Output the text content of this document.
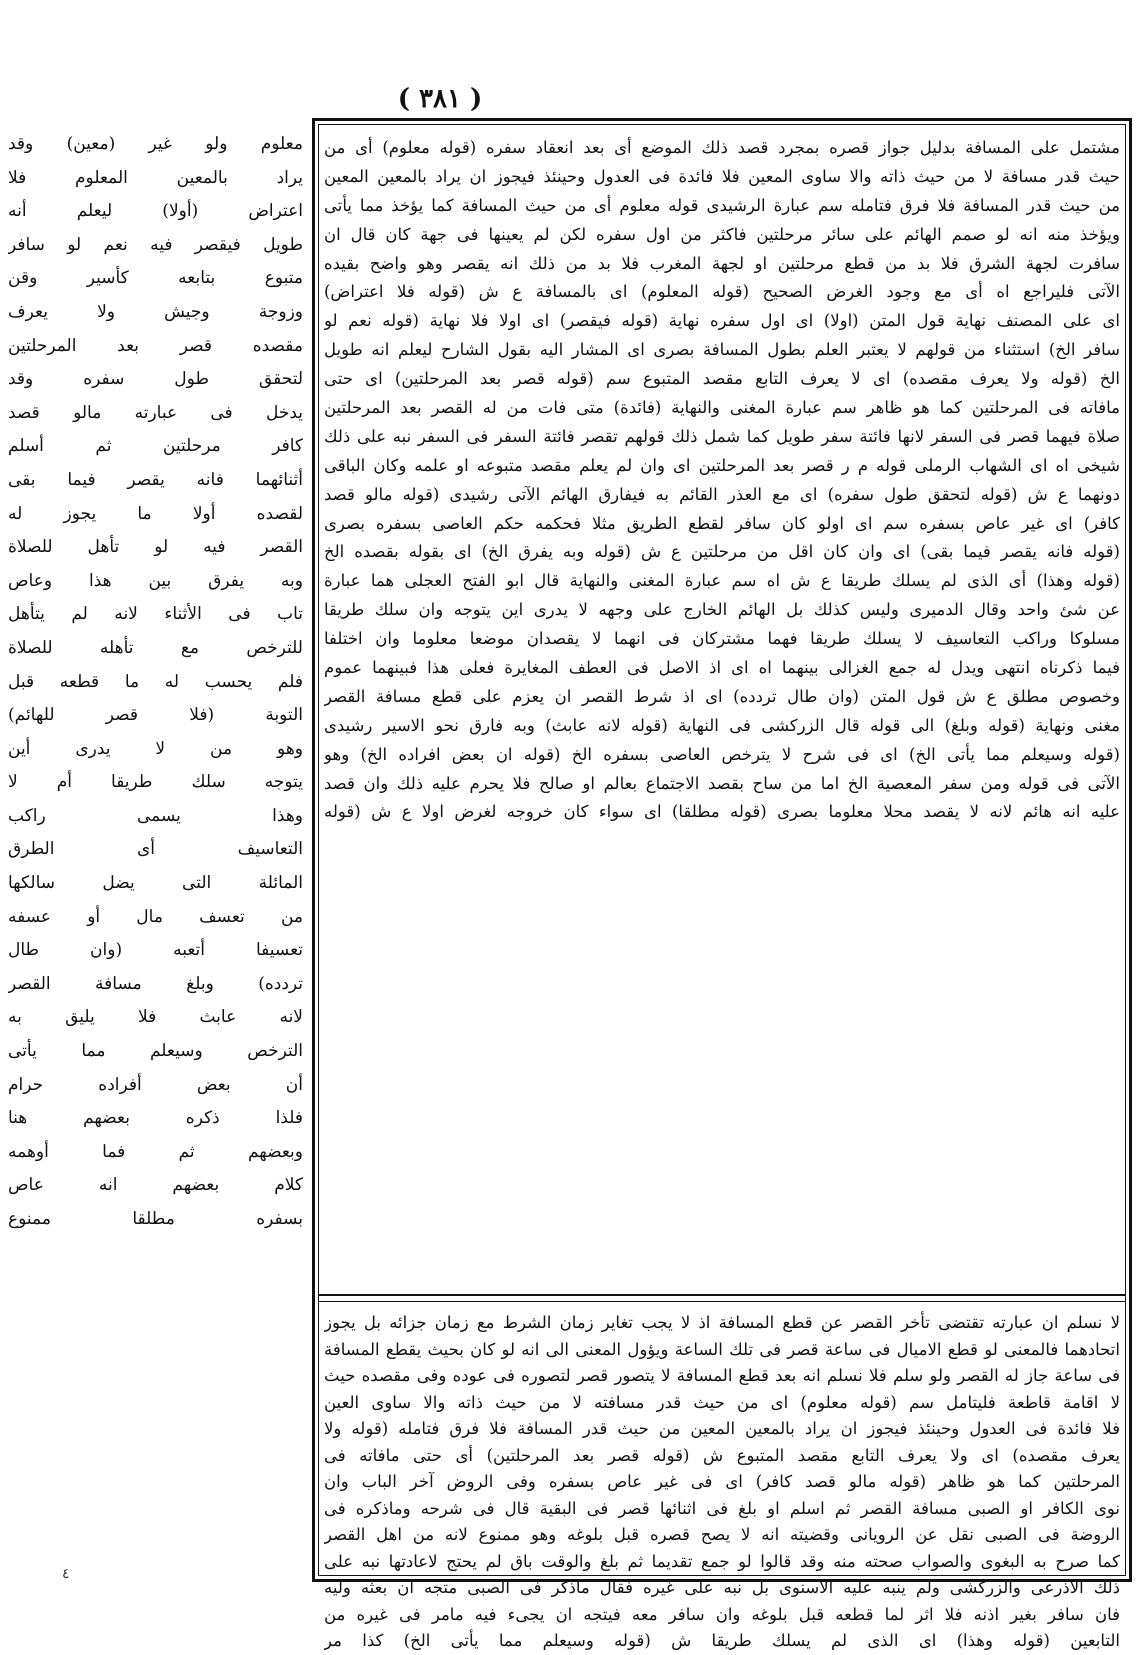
( ٣٨١ )
مشتمل على المسافة بدليل جواز قصره بمجرد قصد ذلك الموضع أى بعد انعقاد سفره (قوله معلوم) أى من
حيث قدر مسافة لا من حيث ذاته والا ساوى المعين فلا فائدة فى العدول وحينئذ فيجوز ان يراد بالمعين المعين
من حيث قدر المسافة فلا فرق فتامله سم عبارة الرشيدى قوله معلوم أى من حيث المسافة كما يؤخذ مما يأتى
ويؤخذ منه انه لو صمم الهائم على سائر مرحلتين فاكثر من اول سفره لكن لم يعينها فى جهة كان قال ان
سافرت لجهة الشرق فلا بد من قطع مرحلتين او لجهة المغرب فلا بد من ذلك انه يقصر وهو واضح بقيده
الآتى فليراجع اه أى مع وجود الغرض الصحيح (قوله المعلوم) اى بالمسافة ع ش (قوله فلا اعتراض)
اى على المصنف نهاية قول المتن (اولا) اى اول سفره نهاية (قوله فيقصر) اى اولا فلا نهاية (قوله نعم لو
سافر الخ) استثناء من قولهم لا يعتبر العلم بطول المسافة بصرى اى المشار اليه بقول الشارح ليعلم انه طويل
الخ (قوله ولا يعرف مقصده) اى لا يعرف التابع مقصد المتبوع سم (قوله قصر بعد المرحلتين) اى حتى
مافاته فى المرحلتين كما هو ظاهر سم عبارة المغنى والنهاية (فائدة) متى فات من له القصر بعد المرحلتين
صلاة فيهما قصر فى السفر لانها فائتة سفر طويل كما شمل ذلك قولهم تقصر فائتة السفر فى السفر نبه على ذلك
شيخى اه اى الشهاب الرملى قوله م ر قصر بعد المرحلتين اى وان لم يعلم مقصد متبوعه او علمه وكان الباقى
دونهما ع ش (قوله لتحقق طول سفره) اى مع العذر القائم به فيفارق الهائم الآتى رشيدى (قوله مالو قصد
كافر) اى غير عاص بسفره سم اى اولو كان سافر لقطع الطريق مثلا فحكمه حكم العاصى بسفره بصرى
(قوله فانه يقصر فيما بقى) اى وان كان اقل من مرحلتين ع ش (قوله وبه يفرق الخ) اى بقوله بقصده الخ
(قوله وهذا) أى الذى لم يسلك طريقا ع ش اه سم عبارة المغنى والنهاية قال ابو الفتح العجلى هما عبارة
عن شئ واحد وقال الدميرى وليس كذلك بل الهائم الخارج على وجهه لا يدرى اين يتوجه وان سلك طريقا
مسلوكا وراكب التعاسيف لا يسلك طريقا فهما مشتركان فى انهما لا يقصدان موضعا معلوما وان اختلفا
فيما ذكرناه انتهى ويدل له جمع الغزالى بينهما اه اى اذ الاصل فى العطف المغايرة فعلى هذا فبينهما عموم
وخصوص مطلق ع ش قول المتن (وان طال تردده) اى اذ شرط القصر ان يعزم على قطع مسافة القصر
مغنى ونهاية (قوله وبلغ) الى قوله قال الزركشى فى النهاية (قوله لانه عابث) وبه فارق نحو الاسير رشيدى
(قوله وسيعلم مما يأتى الخ) اى فى شرح لا يترخص العاصى بسفره الخ (قوله ان بعض افراده الخ) وهو
الآتى فى قوله ومن سفر المعصية الخ اما من ساح بقصد الاجتماع بعالم او صالح فلا يحرم عليه ذلك وان قصد
عليه انه هائم لانه لا يقصد محلا معلوما بصرى (قوله مطلقا) اى سواء كان خروجه لغرض اولا ع ش (قوله
لا نسلم ان عبارته تقتضى تأخر القصر عن قطع المسافة اذ لا يجب تغاير زمان الشرط مع زمان جزائه بل يجوز
اتحادهما فالمعنى لو قطع الاميال فى ساعة قصر فى تلك الساعة ويؤول المعنى الى انه لو كان بحيث يقطع المسافة
فى ساعة جاز له القصر ولو سلم فلا نسلم انه بعد قطع المسافة لا يتصور قصر لتصوره فى عوده وفى مقصده حيث
لا اقامة قاطعة فليتامل سم (قوله معلوم) اى من حيث قدر مسافته لا من حيث ذاته والا ساوى العين
فلا فائدة فى العدول وحينئذ فيجوز ان يراد بالمعين المعين من حيث قدر المسافة فلا فرق فتامله (قوله ولا
يعرف مقصده) اى ولا يعرف التابع مقصد المتبوع ش (قوله قصر بعد المرحلتين) أى حتى مافاته فى
المرحلتين كما هو ظاهر (قوله مالو قصد كافر) اى فى غير عاص بسفره وفى الروض آخر الباب وان
نوى الكافر او الصبى مسافة القصر ثم اسلم او بلغ فى اثنائها قصر فى البقية قال فى شرحه وماذكره فى
الروضة فى الصبى نقل عن الرويانى وقضيته انه لا يصح قصره قبل بلوغه وهو ممنوع لانه من اهل القصر
كما صرح به البغوى والصواب صحته منه وقد قالوا لو جمع تقديما ثم بلغ والوقت باق لم يحتج لاعادتها نبه على
ذلك الاذرعى والزركشى ولم ينبه عليه الاسنوى بل نبه على غيره فقال ماذكر فى الصبى متجه ان بعثه وليه
فان سافر بغير اذنه فلا اثر لما قطعه قبل بلوغه وان سافر معه فيتجه ان يجىء فيه مامر فى غيره من
التابعين (قوله وهذا) اى الذى لم يسلك طريقا ش (قوله وسيعلم مما يأتى الخ) كذا مر
معلوم ولو غير (معين) وقد
يراد بالمعين المعلوم فلا
اعتراض (أولا) ليعلم أنه
طويل فيقصر فيه نعم لو سافر
متبوع بتابعه كأسير وقن
وزوجة وجيش ولا يعرف
مقصده قصر بعد المرحلتين
لتحقق طول سفره وقد
يدخل فى عبارته مالو قصد
كافر مرحلتين ثم أسلم
أثنائهما فانه يقصر فيما بقى
لقصده أولا ما يجوز له
القصر فيه لو تأهل للصلاة
وبه يفرق بين هذا وعاص
تاب فى الأثناء لانه لم يتأهل
للترخص مع تأهله للصلاة
فلم يحسب له ما قطعه قبل
التوبة (فلا قصر للهائم)
وهو من لا يدرى أين
يتوجه سلك طريقا أم لا
وهذا يسمى راكب
التعاسيف أى الطرق
المائلة التى يضل سالكها
من تعسف مال أو عسفه
تعسيفا أتعبه (وان طال
تردده) وبلغ مسافة القصر
لانه عابث فلا يليق به
الترخص وسيعلم مما يأتى
أن بعض أفراده حرام
فلذا ذكره بعضهم هنا
وبعضهم ثم فما أوهمه
كلام بعضهم انه عاص
بسفره مطلقا ممنوع
٤
